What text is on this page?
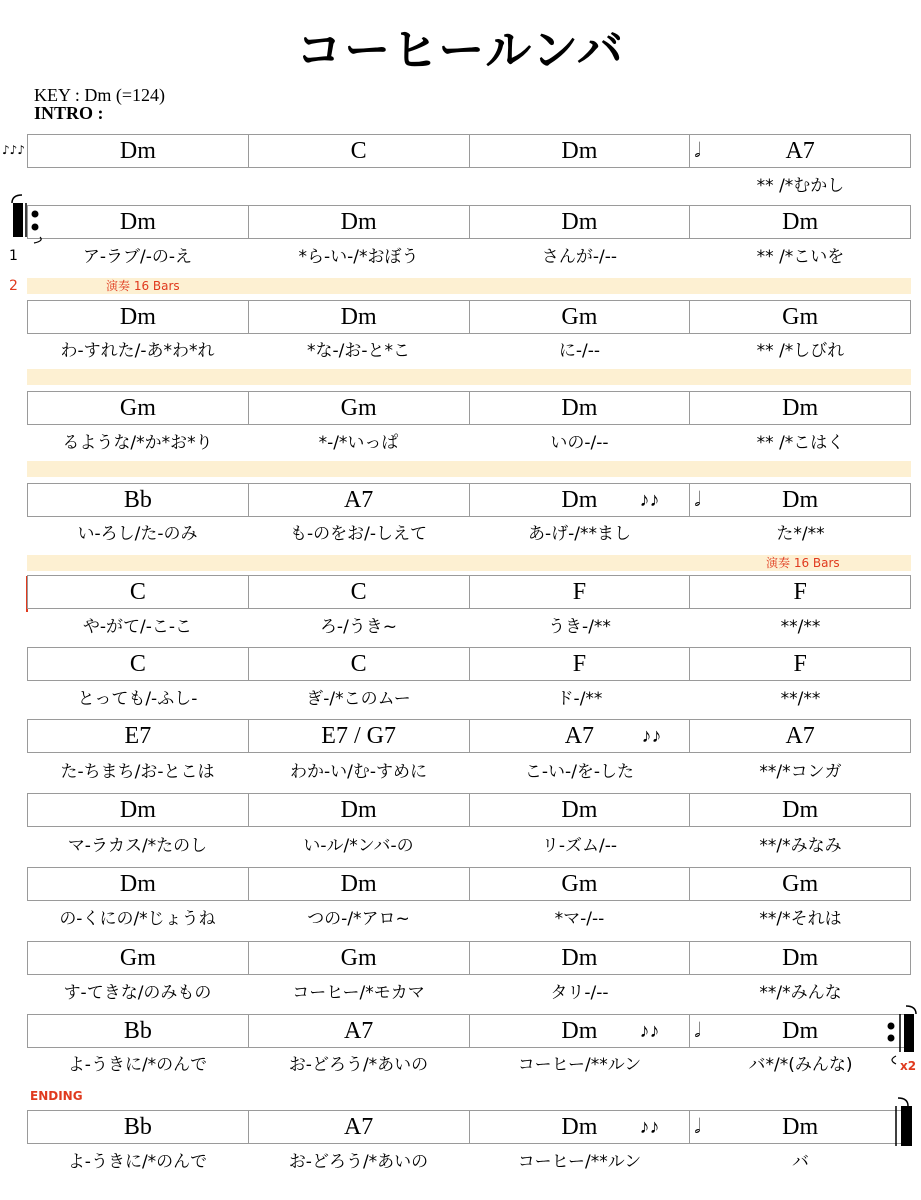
コーヒールンバ
KEY : Dm (=124)
INTRO :
♪♪♪
演奏 16 Bars
演奏 16 Bars
1
2
Dm	C	Dm	A7
𝅗𝅥
** /*むかし
Dm	Dm	Dm	Dm
ア-ラブ/-の-え	*ら-い-/*おぼう	さんが-/--	** /*こいを
Dm	Dm	Gm	Gm
わ-すれた/-あ*わ*れ	*な-/お-と*こ	に-/--	** /*しびれ
Gm	Gm	Dm	Dm
るような/*か*お*り	*-/*いっぱ	いの-/--	** /*こはく
Bb	A7	Dm ♪♪	Dm
𝅗𝅥
い-ろし/た-のみ	も-のをお/-しえて	あ-げ-/**まし	た*/**
C	C	F	F
や-がて/-こ-こ	ろ-/うき~	うき-/**	**/**
C	C	F	F
とっても/-ふし-	ぎ-/*このムー	ド-/**	**/**
E7	E7 / G7	A7 ♪♪	A7
た-ちまち/お-とこは	わか-い/む-すめに	こ-い-/を-した	**/*コンガ
Dm	Dm	Dm	Dm
マ-ラカス/*たのし	い-ル/*ンバ-の	リ-ズム/--	**/*みなみ
Dm	Dm	Gm	Gm
の-くにの/*じょうね	つの-/*アロ~	*マ-/--	**/*それは
Gm	Gm	Dm	Dm
す-てきな/のみもの	コーヒー/*モカマ	タリ-/--	**/*みんな
Bb	A7	Dm ♪♪	Dm
𝅗𝅥
よ-うきに/*のんで	お-どろう/*あいの	コーヒー/**ルン	バ*/*(みんな)
Bb	A7	Dm ♪♪	Dm
𝅗𝅥
よ-うきに/*のんで	お-どろう/*あいの	コーヒー/**ルン	バ
x2
ENDING
